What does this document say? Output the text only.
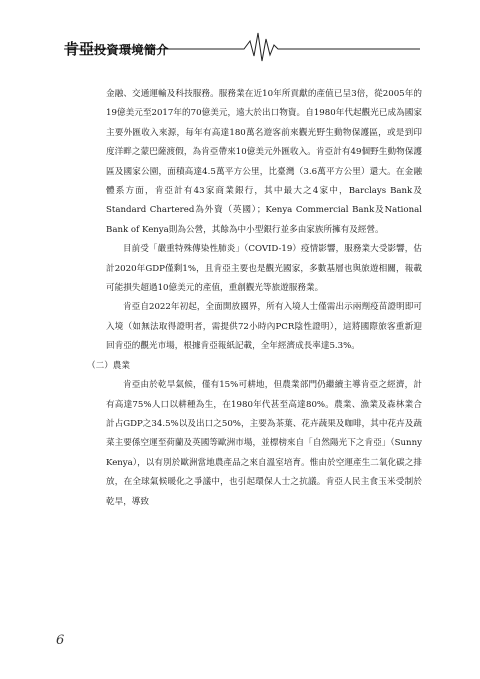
肯亞投資環境簡介

金融、交通運輸及科技服務。服務業在近10年所貢獻的產值已呈3倍，從2005年的19億美元至2017年的70億美元，遠大於出口物資。自1980年代起觀光已成為國家主要外匯收入來源，每年有高達180萬名遊客前來觀光野生動物保護區，或是到印度洋畔之蒙巴薩渡假，為肯亞帶來10億美元外匯收入。肯亞計有49個野生動物保護區及國家公園，面積高達4.5萬平方公里，比臺灣（3.6萬平方公里）還大。在金融體系方面，肯亞計有43家商業銀行，其中最大之4家中，Barclays Bank及Standard Chartered為外資（英國）；Kenya Commercial Bank及National Bank of Kenya則為公營，其餘為中小型銀行並多由家族所擁有及經營。

目前受「嚴重特殊傳染性肺炎」（COVID-19）疫情影響，服務業大受影響，估計2020年GDP僅剩1%，且肯亞主要也是觀光國家，多數基層也與旅遊相關，報載可能損失超過10億美元的產值，重創觀光等旅遊服務業。

肯亞自2022年初起，全面開放國界，所有入境人士僅需出示兩劑疫苗證明即可入境（如無法取得證明者，需提供72小時內PCR陰性證明），這將國際旅客重新迎回肯亞的觀光市場，根據肯亞報紙記載，全年經濟成長率達5.3%。

（二）農業

肯亞由於乾旱氣候，僅有15%可耕地，但農業部門仍繼續主導肯亞之經濟，計有高達75%人口以耕種為生，在1980年代甚至高達80%。農業、漁業及森林業合計占GDP之34.5%以及出口之50%，主要為茶葉、花卉蔬果及咖啡，其中花卉及蔬菜主要係空運至荷蘭及英國等歐洲市場，並標榜來自「自然陽光下之肯亞」（Sunny Kenya），以有別於歐洲當地農產品之來自溫室培育。惟由於空運產生二氧化碳之排放，在全球氣候暖化之爭議中，也引起環保人士之抗議。肯亞人民主食玉米受制於乾旱，導致

6
